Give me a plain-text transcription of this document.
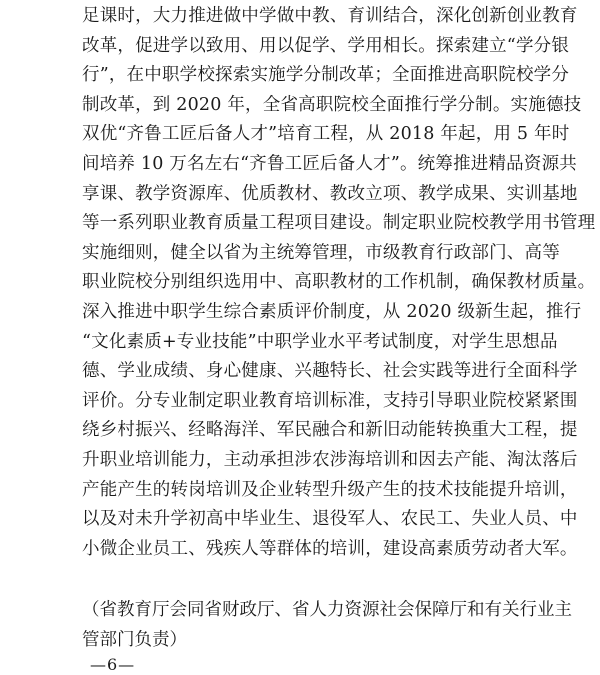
足课时，大力推进做中学做中教、育训结合，深化创新创业教育
改革，促进学以致用、用以促学、学用相长。探索建立“学分银
行”，在中职学校探索实施学分制改革；全面推进高职院校学分
制改革，到 2020 年，全省高职院校全面推行学分制。实施德技
双优“齐鲁工匠后备人才”培育工程，从 2018 年起，用 5 年时
间培养 10 万名左右“齐鲁工匠后备人才”。统筹推进精品资源共
享课、教学资源库、优质教材、教改立项、教学成果、实训基地
等一系列职业教育质量工程项目建设。制定职业院校教学用书管理
实施细则，健全以省为主统筹管理，市级教育行政部门、高等
职业院校分别组织选用中、高职教材的工作机制，确保教材质量。
深入推进中职学生综合素质评价制度，从 2020 级新生起，推行
“文化素质+专业技能”中职学业水平考试制度，对学生思想品
德、学业成绩、身心健康、兴趣特长、社会实践等进行全面科学
评价。分专业制定职业教育培训标准，支持引导职业院校紧紧围
绕乡村振兴、经略海洋、军民融合和新旧动能转换重大工程，提
升职业培训能力，主动承担涉农涉海培训和因去产能、淘汰落后
产能产生的转岗培训及企业转型升级产生的技术技能提升培训，
以及对未升学初高中毕业生、退役军人、农民工、失业人员、中
小微企业员工、残疾人等群体的培训，建设高素质劳动者大军。
（省教育厅会同省财政厅、省人力资源社会保障厅和有关行业主
管部门负责）
—6—
